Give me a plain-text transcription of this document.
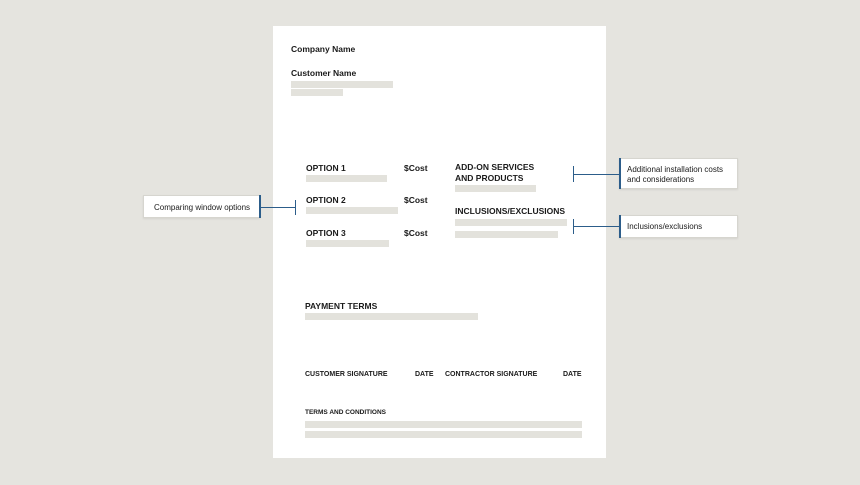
Company Name
Customer Name
OPTION 1	$Cost
OPTION 2	$Cost
OPTION 3	$Cost
ADD-ON SERVICES
AND PRODUCTS
INCLUSIONS/EXCLUSIONS
PAYMENT TERMS
CUSTOMER SIGNATURE	DATE CONTRACTOR SIGNATURE	DATE
TERMS AND CONDITIONS
Comparing window options
Additional installation costs
and considerations
Inclusions/exclusions
